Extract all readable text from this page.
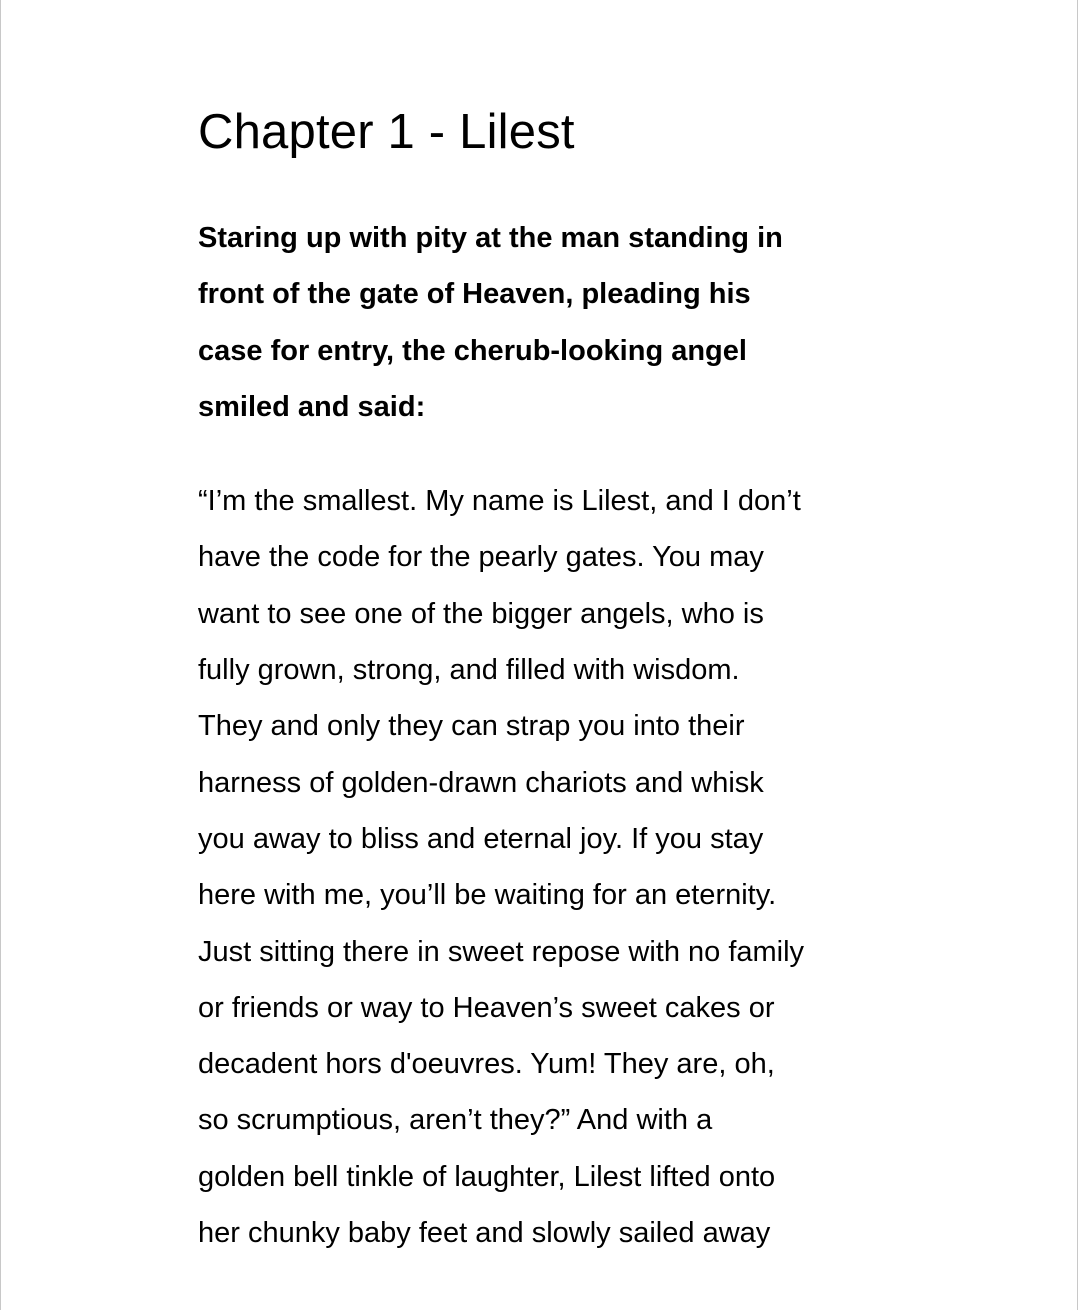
Chapter 1 - Lilest

Staring up with pity at the man standing in
front of the gate of Heaven, pleading his
case for entry, the cherub-looking angel
smiled and said:

“I’m the smallest. My name is Lilest, and I don’t
have the code for the pearly gates. You may
want to see one of the bigger angels, who is
fully grown, strong, and filled with wisdom.
They and only they can strap you into their
harness of golden-drawn chariots and whisk
you away to bliss and eternal joy. If you stay
here with me, you’ll be waiting for an eternity.
Just sitting there in sweet repose with no family
or friends or way to Heaven’s sweet cakes or
decadent hors d'oeuvres. Yum! They are, oh,
so scrumptious, aren’t they?” And with a
golden bell tinkle of laughter, Lilest lifted onto
her chunky baby feet and slowly sailed away
